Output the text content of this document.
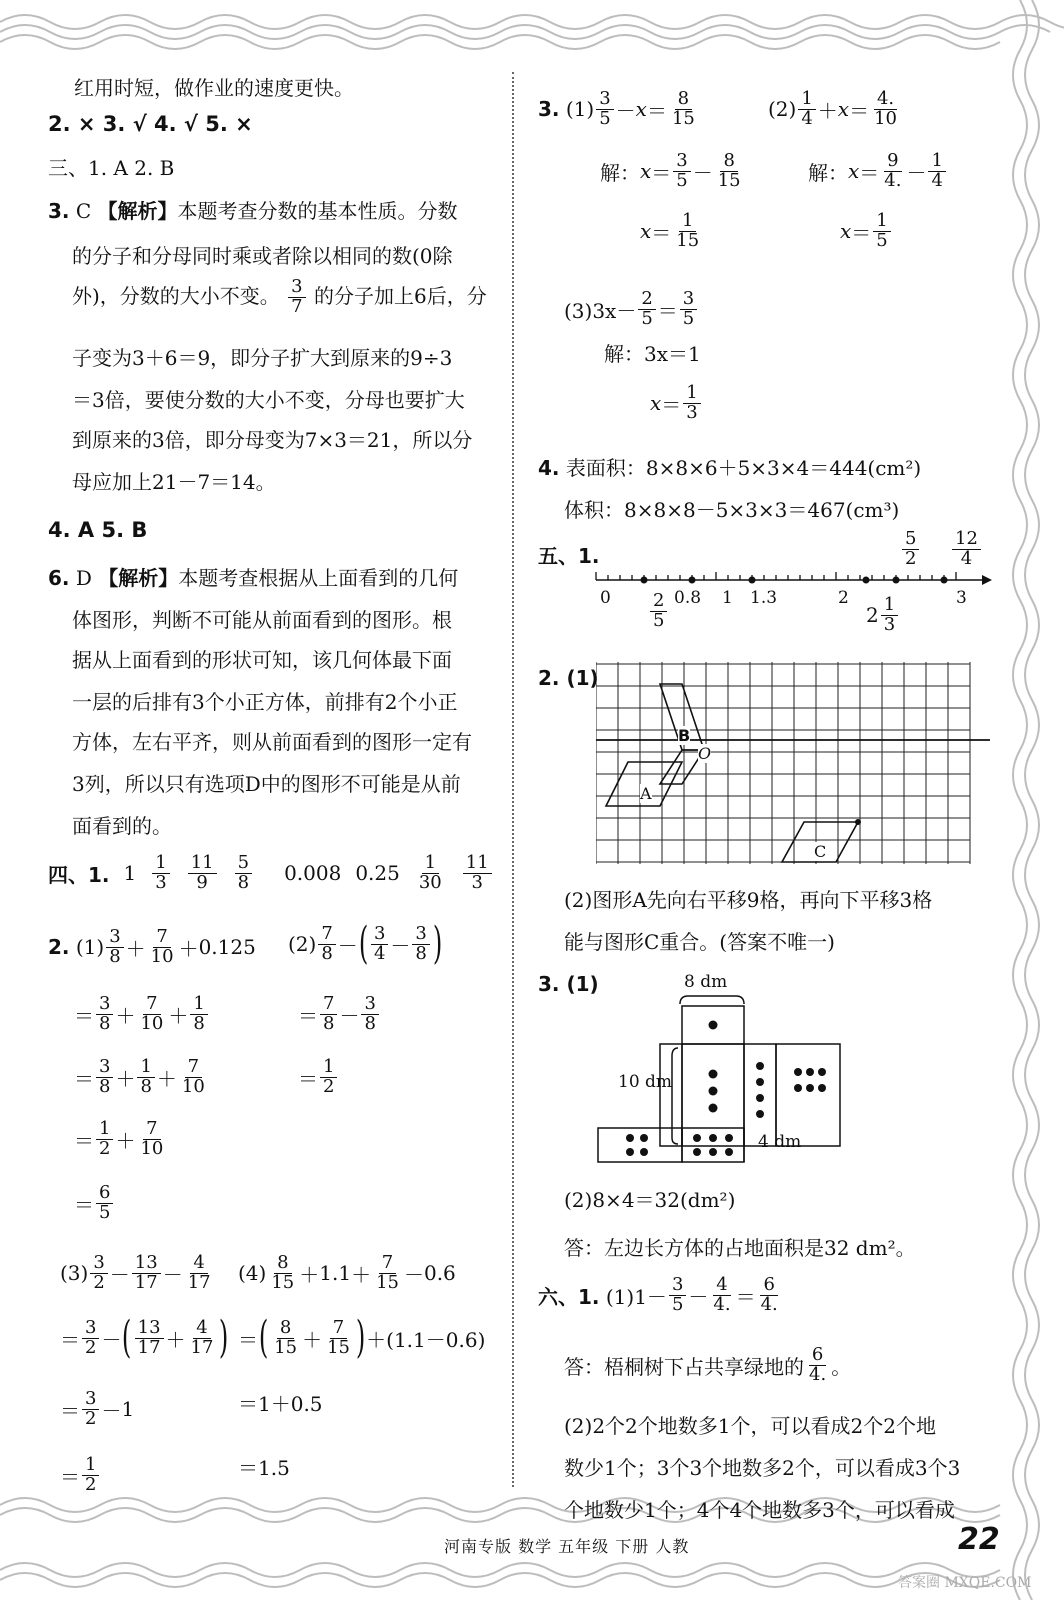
红用时短，做作业的速度更快。
2. × 3. √ 4. √ 5. ×
三、1. A 2. B
3. C 【解析】本题考查分数的基本性质。分数
的分子和分母同时乘或者除以相同的数(0除
外)，分数的大小不变。 $\frac{3}{7}$ 的分子加上6后，分
子变为3＋6＝9，即分子扩大到原来的9÷3
＝3倍，要使分数的大小不变，分母也要扩大
到原来的3倍，即分母变为7×3＝21，所以分
母应加上21－7＝14。
4. A 5. B
6. D 【解析】本题考查根据从上面看到的几何
体图形，判断不可能从前面看到的图形。根
据从上面看到的形状可知，该几何体最下面
一层的后排有3个小正方体，前排有2个小正
方体，左右平齐，则从前面看到的图形一定有
3列，所以只有选项D中的图形不可能是从前
面看到的。
四、1. $1 \frac{1}{3} \frac{11}{9} \frac{5}{8} 0.008$ $0.25 \frac{1}{30} \frac{11}{3}$
2.
$(1) \frac{3}{8} + \frac{7}{10} + 0.125$
＝ $\frac{3}{8} + \frac{7}{10} + \frac{1}{8}$
＝ $\frac{3}{8} + \frac{1}{8} + \frac{7}{10}$
＝ $\frac{1}{2} + \frac{7}{10}$
＝ $\frac{6}{5}$
$(2) \frac{7}{8}$ － ( $\frac{3}{4} - \frac{3}{8}$ )
＝ $\frac{7}{8} - \frac{3}{8}$
＝ $\frac{1}{2}$
$(3) \frac{3}{2} - \frac{13}{17} - \frac{4}{17}$
＝ $\frac{3}{2}$ － ( $\frac{13}{17} + \frac{4}{17}$ )
＝ $\frac{3}{2} - 1$
＝ $\frac{1}{2}$
$(4) \frac{8}{15} + 1.1 + \frac{7}{15} - 0.6$
＝ ( $\frac{8}{15} + \frac{7}{15}$ ) ＋ (1.1－0.6)
＝1＋0.5
＝1.5
3.
$(1) \frac{3}{5} - x = \frac{8}{15}$	$(2) \frac{1}{4} + x = \frac{4.}{10}$
解： $x = \frac{3}{5} - \frac{8}{15}$	解： $x = \frac{9}{4.} - \frac{1}{4}$
$x = \frac{1}{15}$	$x = \frac{1}{5}$
$(3)3x- \frac{2}{5} = \frac{3}{5}$
解：3x＝1
$x = \frac{1}{3}$
4. 表面积：8×8×6＋5×3×4＝444(cm²)
体积：8×8×8－5×3×3＝467(cm³)
五、1.
0	0.8 1 1.3	2	3
$\frac{2}{5}$	$2 \frac{1}{3}$
$\frac{5}{2} \frac{12}{4}$
2. (1)
B
O
A
C
(2)图形A先向右平移9格，再向下平移3格
能与图形C重合。(答案不唯一)
3. (1)	8 dm
10 dm
4 dm
(2)8×4＝32(dm²)
答：左边长方体的占地面积是32 dm²。
六、1.
$(1)1- \frac{3}{5} - \frac{4}{4.} = \frac{6}{4.}$
答：梧桐树下占共享绿地的 $\frac{6}{4.}$ 。
(2)2个2个地数多1个，可以看成2个2个地
数少1个；3个3个地数多2个，可以看成3个3
个地数少1个；4个4个地数多3个，可以看成
河南专版 数学 五年级 下册 人教	22
答案圈 MXQE.COM
